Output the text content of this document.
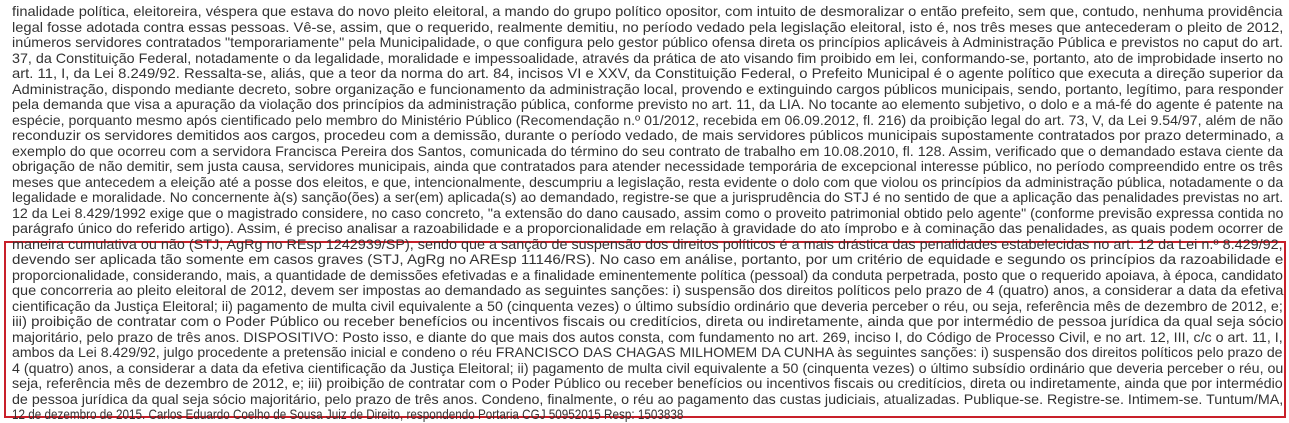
finalidade política, eleitoreira, véspera que estava do novo pleito eleitoral, a mando do grupo político opositor, com intuito de desmoralizar o então prefeito, sem que, contudo, nenhuma providência
legal fosse adotada contra essas pessoas. Vê-se, assim, que o requerido, realmente demitiu, no período vedado pela legislação eleitoral, isto é, nos três meses que antecederam o pleito de 2012,
inúmeros servidores contratados "temporariamente" pela Municipalidade, o que configura pelo gestor público ofensa direta os princípios aplicáveis à Administração Pública e previstos no caput do art.
37, da Constituição Federal, notadamente o da legalidade, moralidade e impessoalidade, através da prática de ato visando fim proibido em lei, conformando-se, portanto, ato de improbidade inserto no
art. 11, I, da Lei 8.249/92. Ressalta-se, aliás, que a teor da norma do art. 84, incisos VI e XXV, da Constituição Federal, o Prefeito Municipal é o agente político que executa a direção superior da
Administração, dispondo mediante decreto, sobre organização e funcionamento da administração local, provendo e extinguindo cargos públicos municipais, sendo, portanto, legítimo, para responder
pela demanda que visa a apuração da violação dos princípios da administração pública, conforme previsto no art. 11, da LIA. No tocante ao elemento subjetivo, o dolo e a má-fé do agente é patente na
espécie, porquanto mesmo após cientificado pelo membro do Ministério Público (Recomendação n.º 01/2012, recebida em 06.09.2012, fl. 216) da proibição legal do art. 73, V, da Lei 9.54/97, além de não
reconduzir os servidores demitidos aos cargos, procedeu com a demissão, durante o período vedado, de mais servidores públicos municipais supostamente contratados por prazo determinado, a
exemplo do que ocorreu com a servidora Francisca Pereira dos Santos, comunicada do término do seu contrato de trabalho em 10.08.2010, fl. 128. Assim, verificado que o demandado estava ciente da
obrigação de não demitir, sem justa causa, servidores municipais, ainda que contratados para atender necessidade temporária de excepcional interesse público, no período compreendido entre os três
meses que antecedem a eleição até a posse dos eleitos, e que, intencionalmente, descumpriu a legislação, resta evidente o dolo com que violou os princípios da administração pública, notadamente o da
legalidade e moralidade. No concernente à(s) sanção(ões) a ser(em) aplicada(s) ao demandado, registre-se que a jurisprudência do STJ é no sentido de que a aplicação das penalidades previstas no art.
12 da Lei 8.429/1992 exige que o magistrado considere, no caso concreto, "a extensão do dano causado, assim como o proveito patrimonial obtido pelo agente" (conforme previsão expressa contida no
parágrafo único do referido artigo). Assim, é preciso analisar a razoabilidade e a proporcionalidade em relação à gravidade do ato ímprobo e à cominação das penalidades, as quais podem ocorrer de
maneira cumulativa ou não (STJ, AgRg no REsp 1242939/SP), sendo que a sanção de suspensão dos direitos políticos é a mais drástica das penalidades estabelecidas no art. 12 da Lei n.º 8.429/92,
devendo ser aplicada tão somente em casos graves (STJ, AgRg no AREsp 11146/RS). No caso em análise, portanto, por um critério de equidade e segundo os princípios da razoabilidade e
proporcionalidade, considerando, mais, a quantidade de demissões efetivadas e a finalidade eminentemente política (pessoal) da conduta perpetrada, posto que o requerido apoiava, à época, candidato
que concorreria ao pleito eleitoral de 2012, devem ser impostas ao demandado as seguintes sanções: i) suspensão dos direitos políticos pelo prazo de 4 (quatro) anos, a considerar a data da efetiva
cientificação da Justiça Eleitoral; ii) pagamento de multa civil equivalente a 50 (cinquenta vezes) o último subsídio ordinário que deveria perceber o réu, ou seja, referência mês de dezembro de 2012, e;
iii) proibição de contratar com o Poder Público ou receber benefícios ou incentivos fiscais ou creditícios, direta ou indiretamente, ainda que por intermédio de pessoa jurídica da qual seja sócio
majoritário, pelo prazo de três anos. DISPOSITIVO: Posto isso, e diante do que mais dos autos consta, com fundamento no art. 269, inciso I, do Código de Processo Civil, e no art. 12, III, c/c o art. 11, I,
ambos da Lei 8.429/92, julgo procedente a pretensão inicial e condeno o réu FRANCISCO DAS CHAGAS MILHOMEM DA CUNHA às seguintes sanções: i) suspensão dos direitos políticos pelo prazo de
4 (quatro) anos, a considerar a data da efetiva cientificação da Justiça Eleitoral; ii) pagamento de multa civil equivalente a 50 (cinquenta vezes) o último subsídio ordinário que deveria perceber o réu, ou
seja, referência mês de dezembro de 2012, e; iii) proibição de contratar com o Poder Público ou receber benefícios ou incentivos fiscais ou creditícios, direta ou indiretamente, ainda que por intermédio
de pessoa jurídica da qual seja sócio majoritário, pelo prazo de três anos. Condeno, finalmente, o réu ao pagamento das custas judiciais, atualizadas. Publique-se. Registre-se. Intimem-se. Tuntum/MA,
12 de dezembro de 2015. Carlos Eduardo Coelho de Sousa Juiz de Direito, respondendo Portaria CGJ 50952015 Resp: 1503838
